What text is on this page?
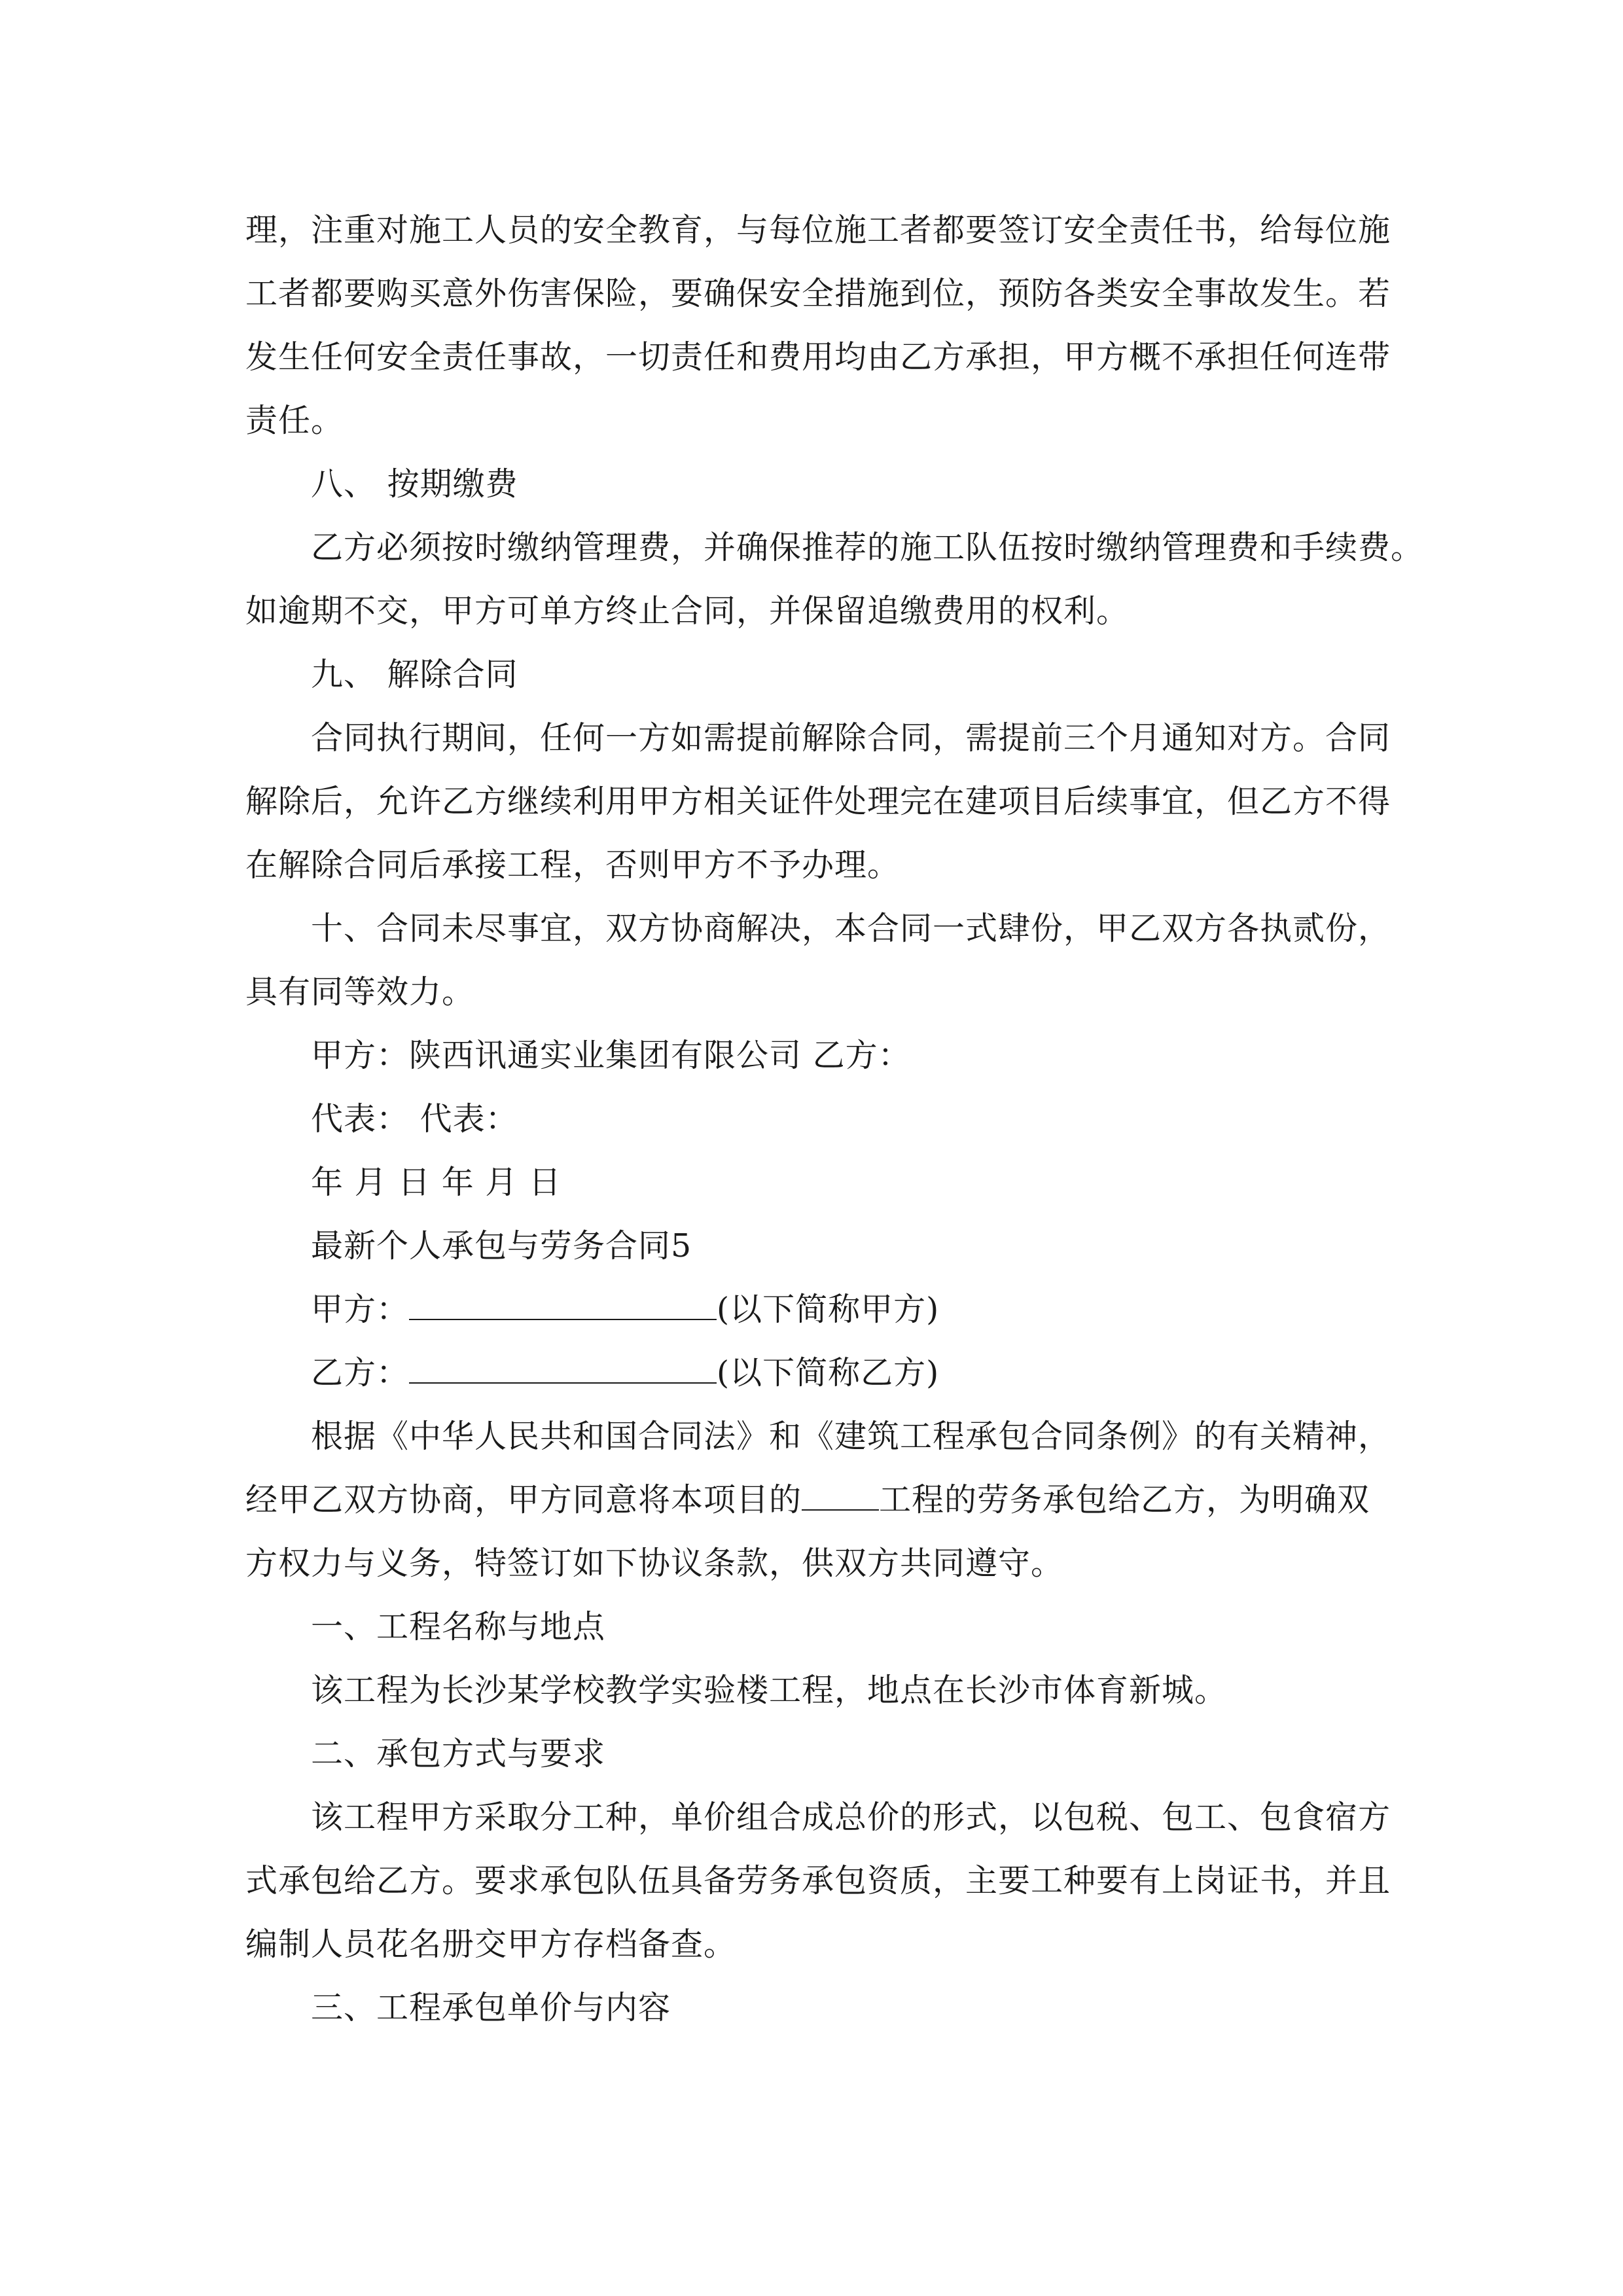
理，注重对施工人员的安全教育，与每位施工者都要签订安全责任书，给每位施
工者都要购买意外伤害保险，要确保安全措施到位，预防各类安全事故发生。若
发生任何安全责任事故，一切责任和费用均由乙方承担，甲方概不承担任何连带
责任。
八、 按期缴费
乙方必须按时缴纳管理费，并确保推荐的施工队伍按时缴纳管理费和手续费。
如逾期不交，甲方可单方终止合同，并保留追缴费用的权利。
九、 解除合同
合同执行期间，任何一方如需提前解除合同，需提前三个月通知对方。合同
解除后，允许乙方继续利用甲方相关证件处理完在建项目后续事宜，但乙方不得
在解除合同后承接工程，否则甲方不予办理。
十、合同未尽事宜，双方协商解决，本合同一式肆份，甲乙双方各执贰份，
具有同等效力。
甲方：陕西讯通实业集团有限公司 乙方：
代表： 代表：
年 月 日 年 月 日
最新个人承包与劳务合同5
甲方：	(以下简称甲方)
乙方：	(以下简称乙方)
根据《中华人民共和国合同法》和《建筑工程承包合同条例》的有关精神，
经甲乙双方协商，甲方同意将本项目的 工程的劳务承包给乙方，为明确双
方权力与义务，特签订如下协议条款，供双方共同遵守。
一、工程名称与地点
该工程为长沙某学校教学实验楼工程，地点在长沙市体育新城。
二、承包方式与要求
该工程甲方采取分工种，单价组合成总价的形式，以包税、包工、包食宿方
式承包给乙方。要求承包队伍具备劳务承包资质，主要工种要有上岗证书，并且
编制人员花名册交甲方存档备查。
三、工程承包单价与内容
